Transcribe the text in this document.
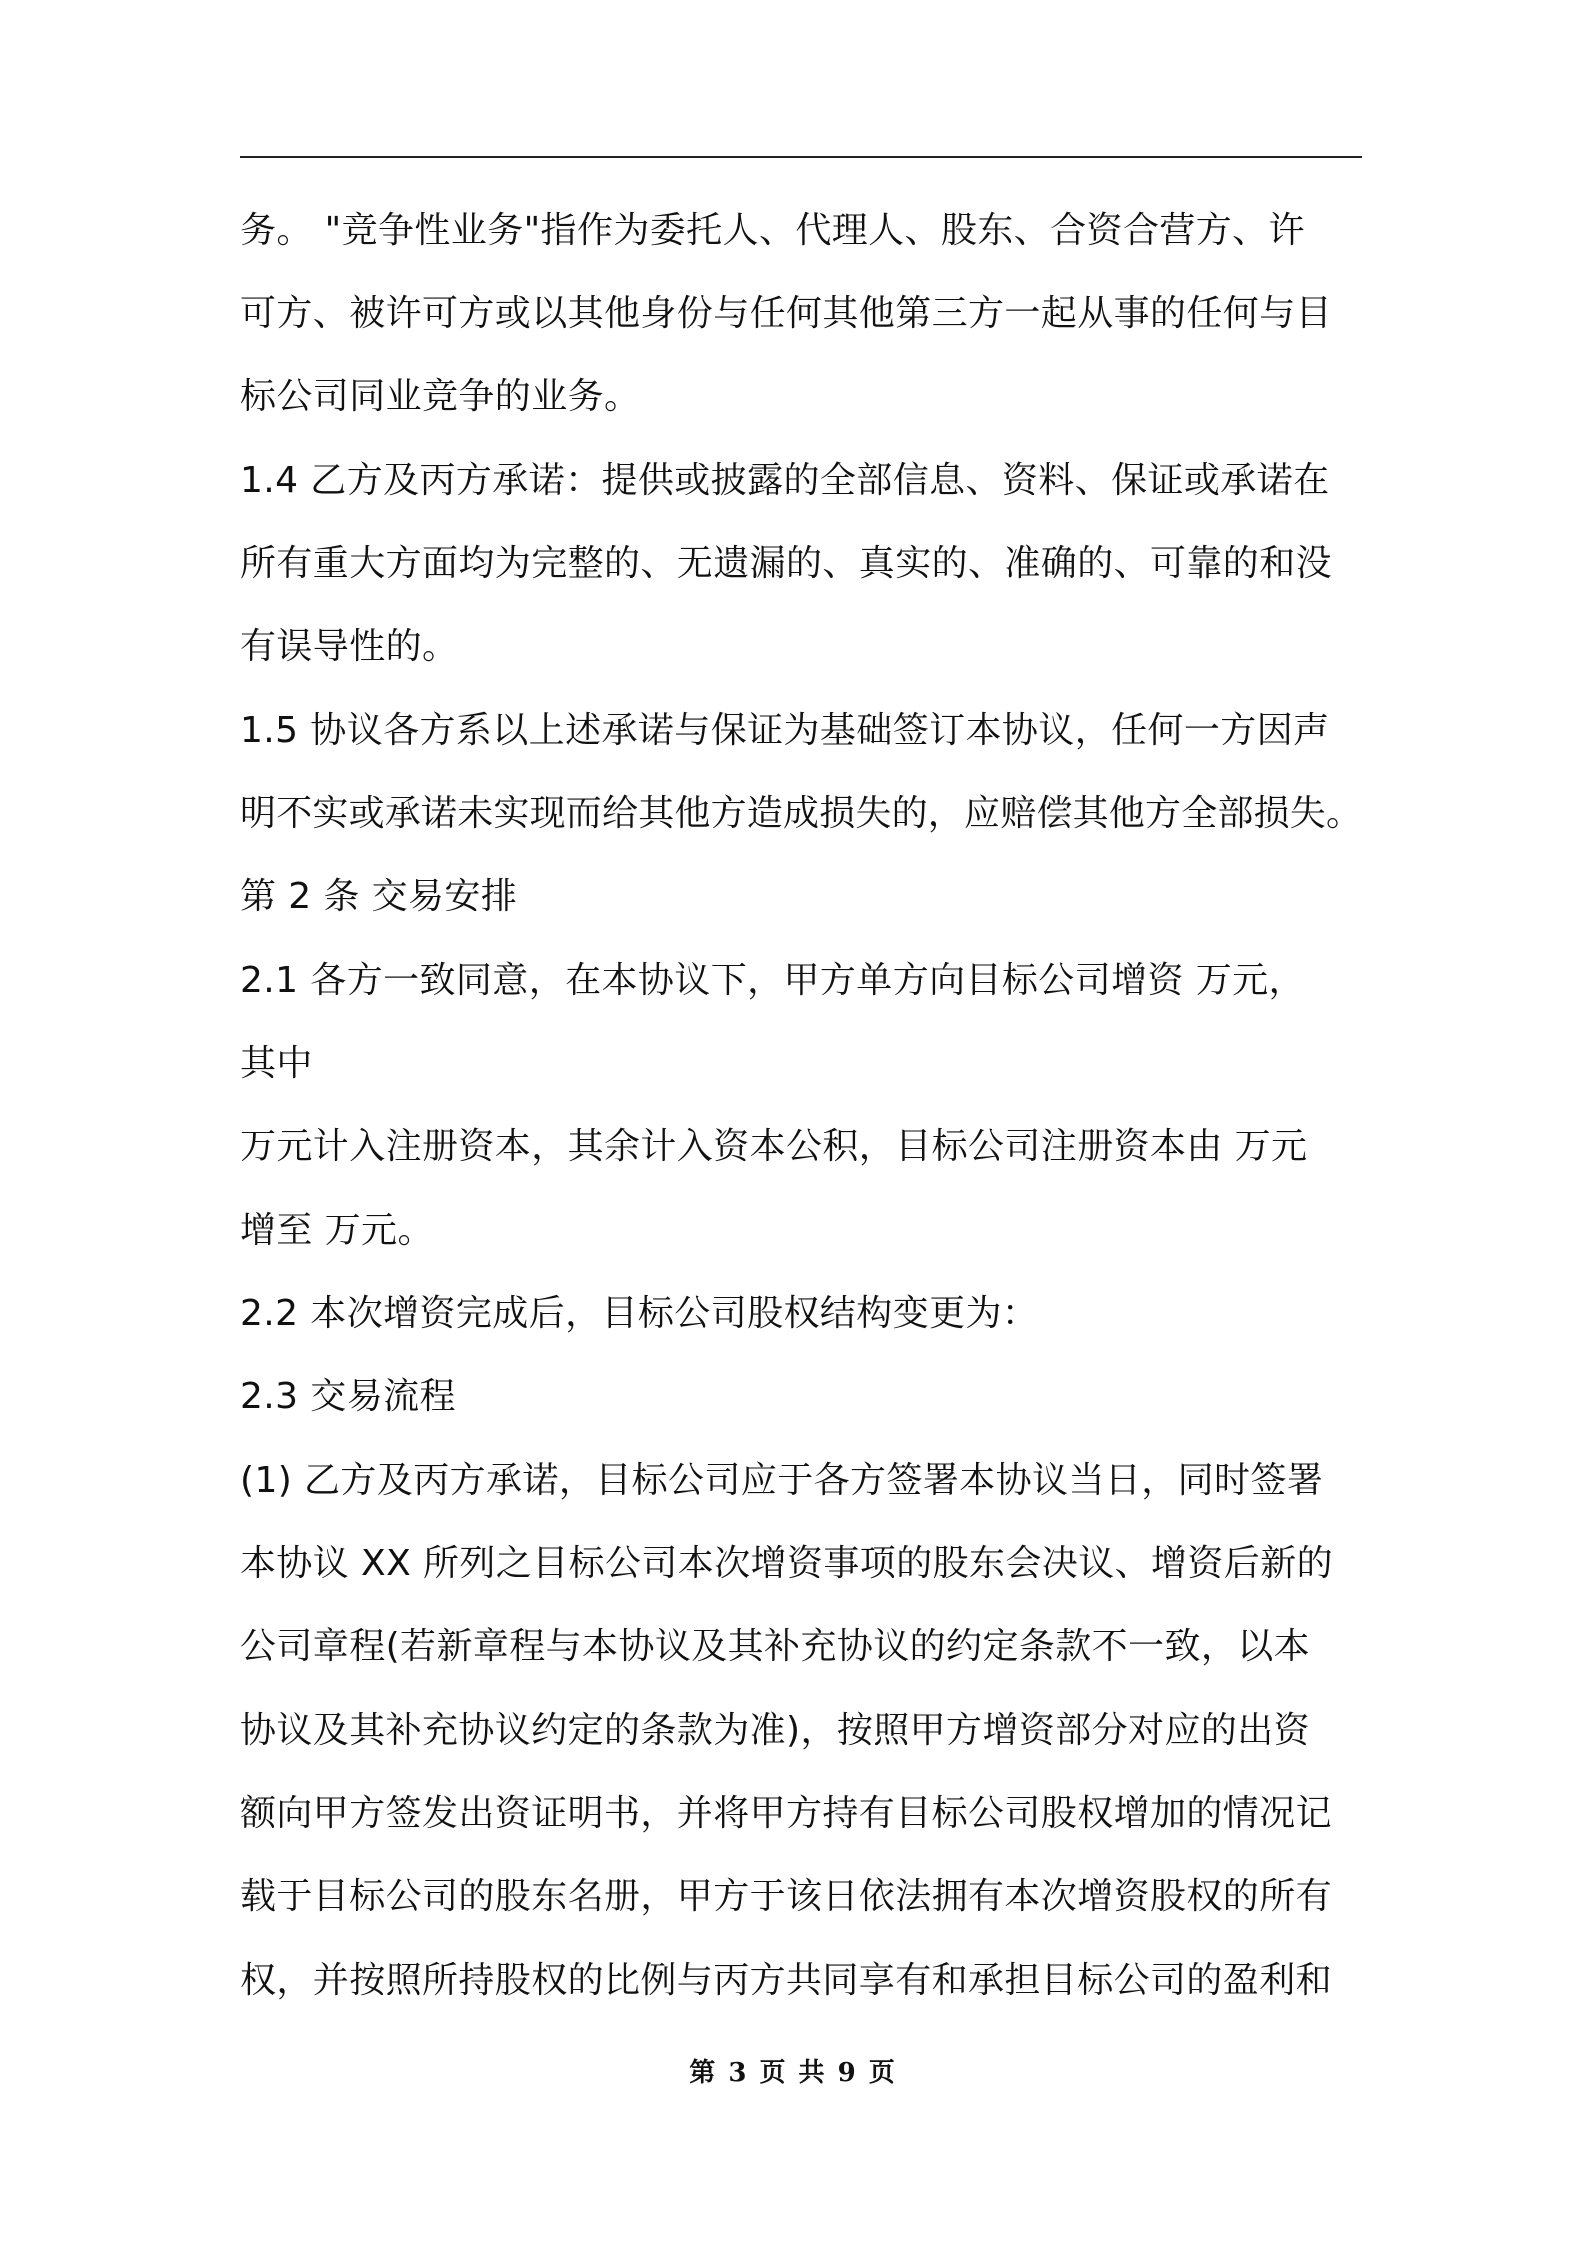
务。 "竞争性业务"指作为委托人、代理人、股东、合资合营方、许
可方、被许可方或以其他身份与任何其他第三方一起从事的任何与目
标公司同业竞争的业务。
1.4 乙方及丙方承诺：提供或披露的全部信息、资料、保证或承诺在
所有重大方面均为完整的、无遗漏的、真实的、准确的、可靠的和没
有误导性的。
1.5 协议各方系以上述承诺与保证为基础签订本协议，任何一方因声
明不实或承诺未实现而给其他方造成损失的，应赔偿其他方全部损失。
第 2 条 交易安排
2.1 各方一致同意，在本协议下，甲方单方向目标公司增资 万元，
其中
万元计入注册资本，其余计入资本公积，目标公司注册资本由 万元
增至 万元。
2.2 本次增资完成后，目标公司股权结构变更为：
2.3 交易流程
(1) 乙方及丙方承诺，目标公司应于各方签署本协议当日，同时签署
本协议 XX 所列之目标公司本次增资事项的股东会决议、增资后新的
公司章程(若新章程与本协议及其补充协议的约定条款不一致，以本
协议及其补充协议约定的条款为准)，按照甲方增资部分对应的出资
额向甲方签发出资证明书，并将甲方持有目标公司股权增加的情况记
载于目标公司的股东名册，甲方于该日依法拥有本次增资股权的所有
权，并按照所持股权的比例与丙方共同享有和承担目标公司的盈利和
第 3 页 共 9 页
